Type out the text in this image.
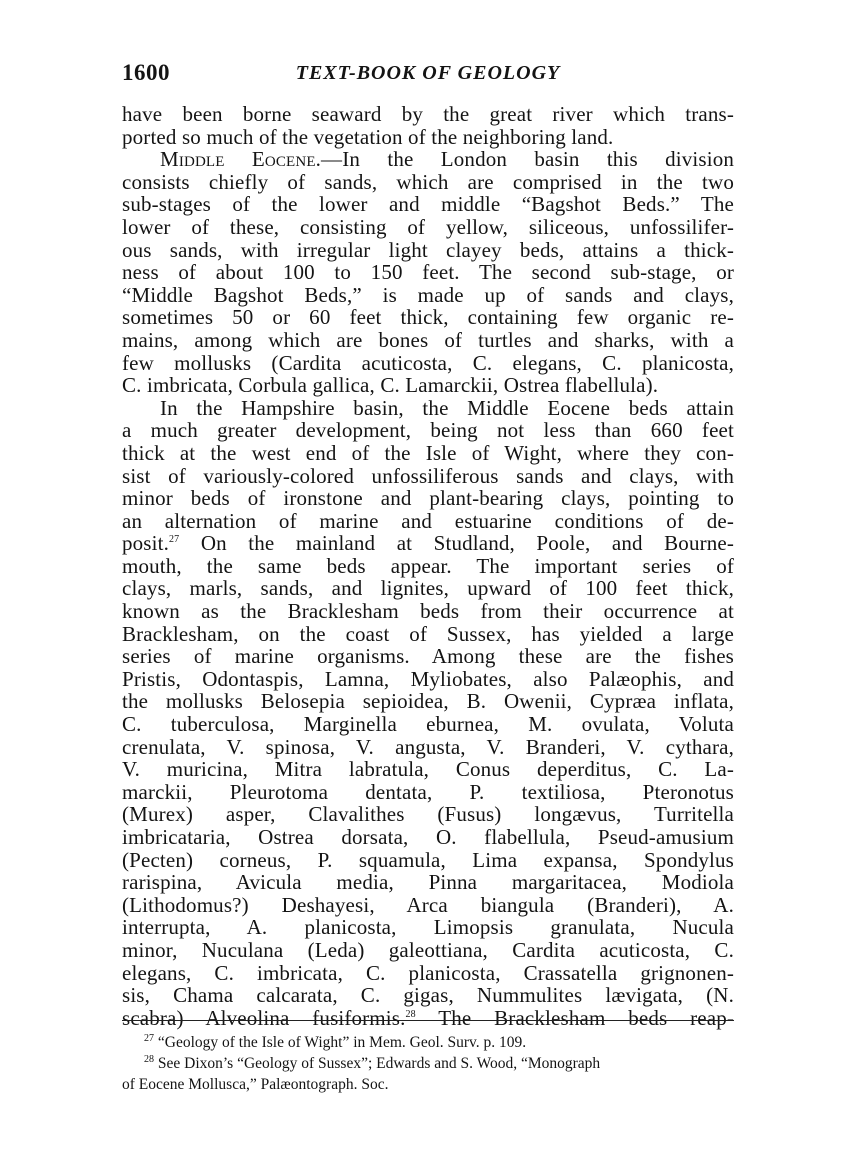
1600	TEXT-BOOK OF GEOLOGY
have been borne seaward by the great river which trans-
ported so much of the vegetation of the neighboring land.
Middle Eocene.—In the London basin this division
consists chiefly of sands, which are comprised in the two
sub-stages of the lower and middle “Bagshot Beds.” The
lower of these, consisting of yellow, siliceous, unfossilifer-
ous sands, with irregular light clayey beds, attains a thick-
ness of about 100 to 150 feet. The second sub-stage, or
“Middle Bagshot Beds,” is made up of sands and clays,
sometimes 50 or 60 feet thick, containing few organic re-
mains, among which are bones of turtles and sharks, with a
few mollusks (Cardita acuticosta, C. elegans, C. planicosta,
C. imbricata, Corbula gallica, C. Lamarckii, Ostrea flabellula).
In the Hampshire basin, the Middle Eocene beds attain
a much greater development, being not less than 660 feet
thick at the west end of the Isle of Wight, where they con-
sist of variously-colored unfossiliferous sands and clays, with
minor beds of ironstone and plant-bearing clays, pointing to
an alternation of marine and estuarine conditions of de-
posit.$^{27}$ On the mainland at Studland, Poole, and Bourne-
mouth, the same beds appear. The important series of
clays, marls, sands, and lignites, upward of 100 feet thick,
known as the Bracklesham beds from their occurrence at
Bracklesham, on the coast of Sussex, has yielded a large
series of marine organisms. Among these are the fishes
Pristis, Odontaspis, Lamna, Myliobates, also Palæophis, and
the mollusks Belosepia sepioidea, B. Owenii, Cypræa inflata,
C. tuberculosa, Marginella eburnea, M. ovulata, Voluta
crenulata, V. spinosa, V. angusta, V. Branderi, V. cythara,
V. muricina, Mitra labratula, Conus deperditus, C. La-
marckii, Pleurotoma dentata, P. textiliosa, Pteronotus
(Murex) asper, Clavalithes (Fusus) longævus, Turritella
imbricataria, Ostrea dorsata, O. flabellula, Pseud-amusium
(Pecten) corneus, P. squamula, Lima expansa, Spondylus
rarispina, Avicula media, Pinna margaritacea, Modiola
(Lithodomus?) Deshayesi, Arca biangula (Branderi), A.
interrupta, A. planicosta, Limopsis granulata, Nucula
minor, Nuculana (Leda) galeottiana, Cardita acuticosta, C.
elegans, C. imbricata, C. planicosta, Crassatella grignonen-
sis, Chama calcarata, C. gigas, Nummulites lævigata, (N.
scabra) Alveolina fusiformis.$^{28}$ The Bracklesham beds reap-
$^{27}$ “Geology of the Isle of Wight” in Mem. Geol. Surv. p. 109.
$^{28}$ See Dixon’s “Geology of Sussex”; Edwards and S. Wood, “Monograph
of Eocene Mollusca,” Palæontograph. Soc.
